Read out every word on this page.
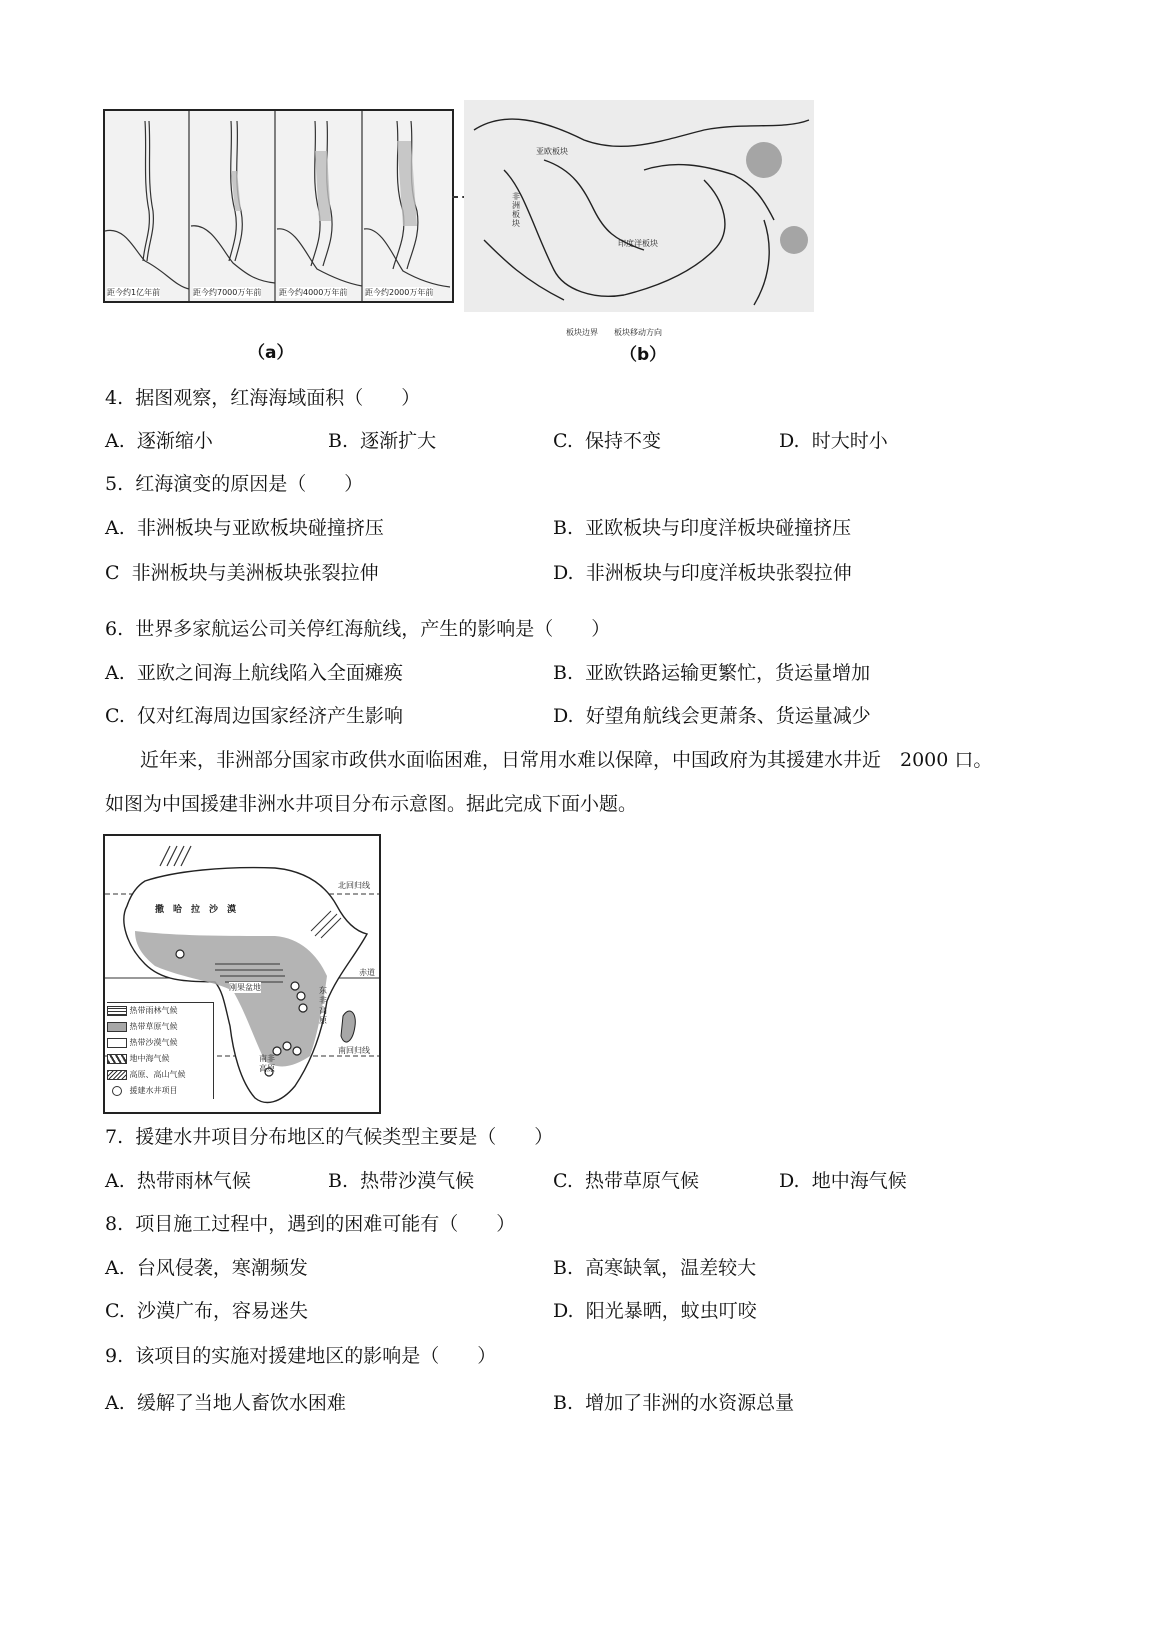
距今约1亿年前	距今约7000万年前 距今约4000万年前 距今约2000万年前
亚欧板块
非洲板块
印度洋板块
板块边界 板块移动方向
（a）	（b）
4. 据图观察，红海海域面积（　　）
A. 逐渐缩小	B. 逐渐扩大	C. 保持不变	D. 时大时小
5. 红海演变的原因是（　　）
A. 非洲板块与亚欧板块碰撞挤压	B. 亚欧板块与印度洋板块碰撞挤压
C 非洲板块与美洲板块张裂拉伸	D. 非洲板块与印度洋板块张裂拉伸
6. 世界多家航运公司关停红海航线，产生的影响是（　　）
A. 亚欧之间海上航线陷入全面瘫痪	B. 亚欧铁路运输更繁忙，货运量增加
C. 仅对红海周边国家经济产生影响	D. 好望角航线会更萧条、货运量减少
近年来，非洲部分国家市政供水面临困难，日常用水难以保障，中国政府为其援建水井近　2000 口。
如图为中国援建非洲水井项目分布示意图。据此完成下面小题。
撒　哈　拉　沙　漠
北回归线
赤道
南回归线
刚果盆地	东非高原
南非高原
热带雨林气候
热带草原气候
热带沙漠气候
地中海气候
高原、高山气候
援建水井项目
7. 援建水井项目分布地区的气候类型主要是（　　）
A. 热带雨林气候	B. 热带沙漠气候	C. 热带草原气候	D. 地中海气候
8. 项目施工过程中，遇到的困难可能有（　　）
A. 台风侵袭，寒潮频发	B. 高寒缺氧，温差较大
C. 沙漠广布，容易迷失	D. 阳光暴晒，蚊虫叮咬
9. 该项目的实施对援建地区的影响是（　　）
A. 缓解了当地人畜饮水困难	B. 增加了非洲的水资源总量
